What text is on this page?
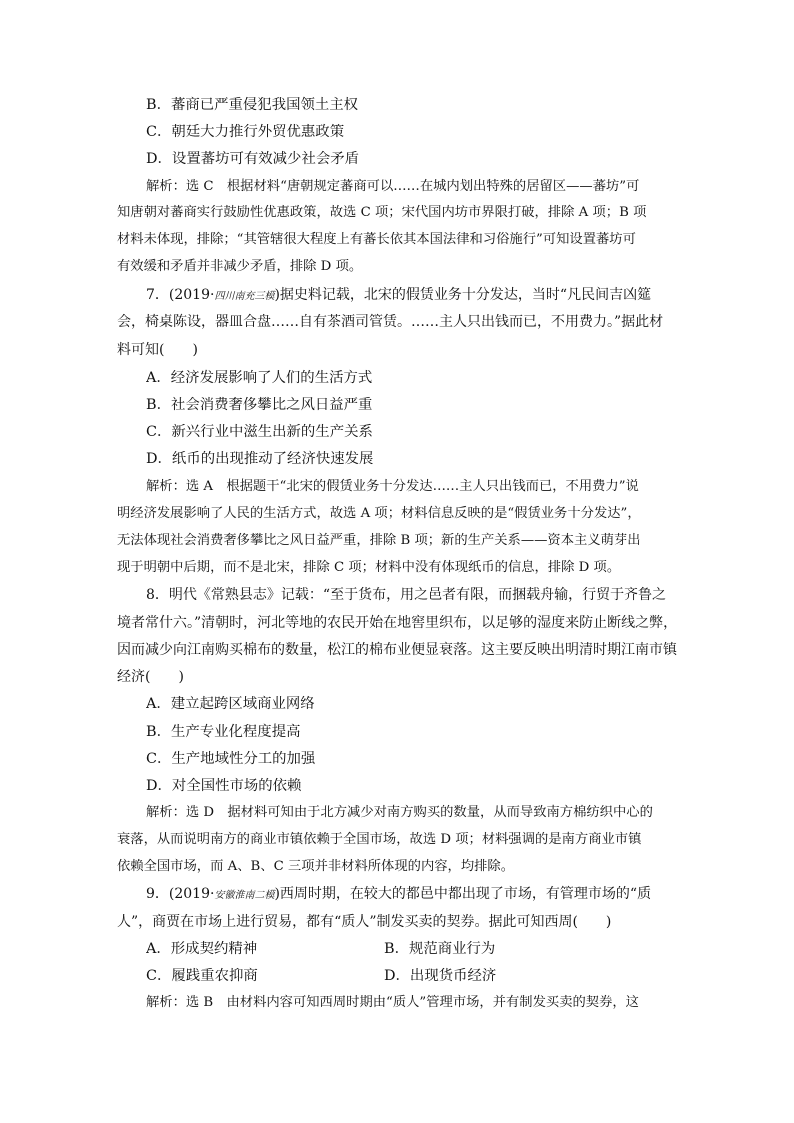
B．蕃商已严重侵犯我国领土主权
C．朝廷大力推行外贸优惠政策
D．设置蕃坊可有效减少社会矛盾
解析：选 C　根据材料“唐朝规定蕃商可以……在城内划出特殊的居留区——蕃坊”可
知唐朝对蕃商实行鼓励性优惠政策，故选 C 项；宋代国内坊市界限打破，排除 A 项；B 项
材料未体现，排除；“其管辖很大程度上有蕃长依其本国法律和习俗施行”可知设置蕃坊可
有效缓和矛盾并非减少矛盾，排除 D 项。
7．(2019·四川南充三模)据史料记载，北宋的假赁业务十分发达，当时“凡民间吉凶筵
会，椅桌陈设，器皿合盘……自有茶酒司管赁。……主人只出钱而已，不用费力。”据此材
料可知(　　)
A．经济发展影响了人们的生活方式
B．社会消费奢侈攀比之风日益严重
C．新兴行业中滋生出新的生产关系
D．纸币的出现推动了经济快速发展
解析：选 A　根据题干“北宋的假赁业务十分发达……主人只出钱而已，不用费力”说
明经济发展影响了人民的生活方式，故选 A 项；材料信息反映的是“假赁业务十分发达”，
无法体现社会消费奢侈攀比之风日益严重，排除 B 项；新的生产关系——资本主义萌芽出
现于明朝中后期，而不是北宋，排除 C 项；材料中没有体现纸币的信息，排除 D 项。
8．明代《常熟县志》记载：“至于货布，用之邑者有限，而捆载舟输，行贸于齐鲁之
境者常什六。”清朝时，河北等地的农民开始在地窖里织布，以足够的湿度来防止断线之弊，
因而减少向江南购买棉布的数量，松江的棉布业便显衰落。这主要反映出明清时期江南市镇
经济(　　)
A．建立起跨区域商业网络
B．生产专业化程度提高
C．生产地域性分工的加强
D．对全国性市场的依赖
解析：选 D　据材料可知由于北方减少对南方购买的数量，从而导致南方棉纺织中心的
衰落，从而说明南方的商业市镇依赖于全国市场，故选 D 项；材料强调的是南方商业市镇
依赖全国市场，而 A、B、C 三项并非材料所体现的内容，均排除。
9．(2019·安徽淮南二模)西周时期，在较大的都邑中都出现了市场，有管理市场的“质
人”，商贾在市场上进行贸易，都有“质人”制发买卖的契券。据此可知西周(　　)
A．形成契约精神	B．规范商业行为
C．履践重农抑商	D．出现货币经济
解析：选 B　由材料内容可知西周时期由“质人”管理市场，并有制发买卖的契券，这
